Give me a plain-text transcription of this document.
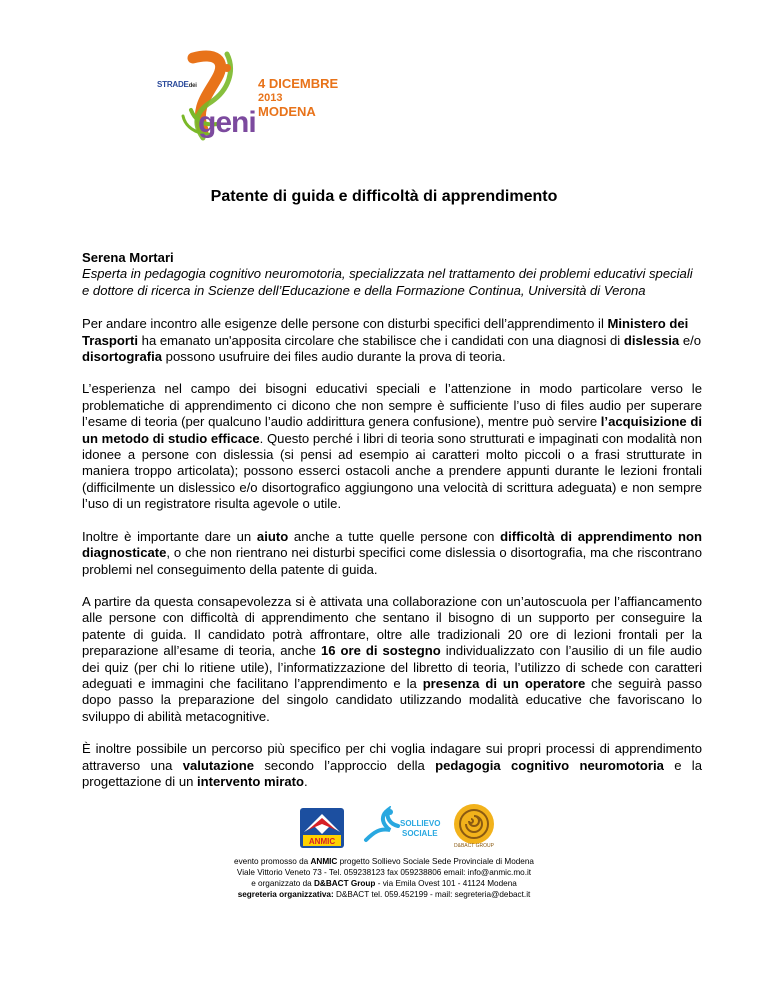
STRADEdei
geni
4 DICEMBRE
2013
MODENA
Patente di guida e difficoltà di apprendimento

Serena Mortari

Esperta in pedagogia cognitivo neuromotoria, specializzata nel trattamento dei problemi educativi speciali e dottore di ricerca in Scienze dell’Educazione e della Formazione Continua, Università di Verona

Per andare incontro alle esigenze delle persone con disturbi specifici dell’apprendimento il Ministero dei Trasporti ha emanato un'apposita circolare che stabilisce che i candidati con una diagnosi di dislessia e/o disortografia possono usufruire dei files audio durante la prova di teoria.

L’esperienza nel campo dei bisogni educativi speciali e l’attenzione in modo particolare verso le problematiche di apprendimento ci dicono che non sempre è sufficiente l’uso di files audio per superare l’esame di teoria (per qualcuno l’audio addirittura genera confusione), mentre può servire l’acquisizione di un metodo di studio efficace. Questo perché i libri di teoria sono strutturati e impaginati con modalità non idonee a persone con dislessia (si pensi ad esempio ai caratteri molto piccoli o a frasi strutturate in maniera troppo articolata); possono esserci ostacoli anche a prendere appunti durante le lezioni frontali (difficilmente un dislessico e/o disortografico aggiungono una velocità di scrittura adeguata) e non sempre l’uso di un registratore risulta agevole o utile.

Inoltre è importante dare un aiuto anche a tutte quelle persone con difficoltà di apprendimento non diagnosticate, o che non rientrano nei disturbi specifici come dislessia o disortografia, ma che riscontrano problemi nel conseguimento della patente di guida.

A partire da questa consapevolezza si è attivata una collaborazione con un’autoscuola per l’affiancamento alle persone con difficoltà di apprendimento che sentano il bisogno di un supporto per conseguire la patente di guida. Il candidato potrà affrontare, oltre alle tradizionali 20 ore di lezioni frontali per la preparazione all’esame di teoria, anche 16 ore di sostegno individualizzato con l’ausilio di un file audio dei quiz (per chi lo ritiene utile), l’informatizzazione del libretto di teoria, l’utilizzo di schede con caratteri adeguati e immagini che facilitano l’apprendimento e la presenza di un operatore che seguirà passo dopo passo la preparazione del singolo candidato utilizzando modalità educative che favoriscano lo sviluppo di abilità metacognitive.

È inoltre possibile un percorso più specifico per chi voglia indagare sui propri processi di apprendimento attraverso una valutazione secondo l’approccio della pedagogia cognitivo neuromotoria e la progettazione di un intervento mirato.

ANMIC
SOLLIEVO
SOCIALE
D&BACT GROUP
evento promosso da ANMIC progetto Sollievo Sociale Sede Provinciale di Modena
Viale Vittorio Veneto 73 - Tel. 059238123 fax 059238806 email: info@anmic.mo.it
e organizzato da D&BACT Group - via Emila Ovest 101 - 41124 Modena
segreteria organizzativa: D&BACT tel. 059.452199 - mail: segreteria@debact.it
